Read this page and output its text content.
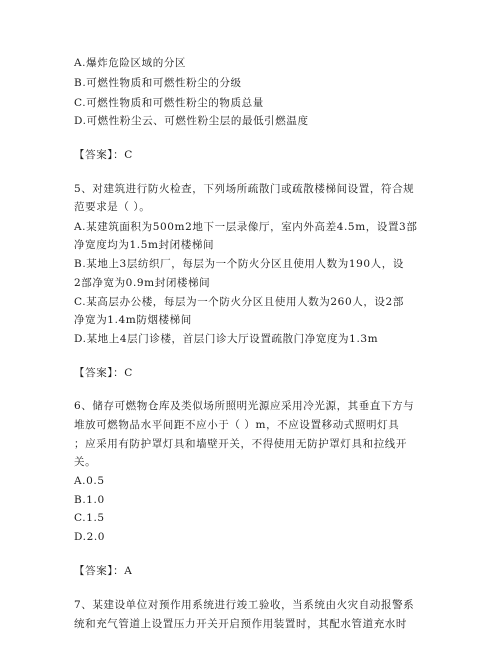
A.爆炸危险区域的分区
B.可燃性物质和可燃性粉尘的分级
C.可燃性物质和可燃性粉尘的物质总量
D.可燃性粉尘云、可燃性粉尘层的最低引燃温度
【答案】：C
5、对建筑进行防火检查，下列场所疏散门或疏散楼梯间设置，符合规
范要求是（ ）。
A.某建筑面积为500m2地下一层录像厅，室内外高差4.5m，设置3部
净宽度均为1.5m封闭楼梯间
B.某地上3层纺织厂，每层为一个防火分区且使用人数为190人，设
2部净宽为0.9m封闭楼梯间
C.某高层办公楼，每层为一个防火分区且使用人数为260人，设2部
净宽为1.4m防烟楼梯间
D.某地上4层门诊楼，首层门诊大厅设置疏散门净宽度为1.3m
【答案】：C
6、储存可燃物仓库及类似场所照明光源应采用冷光源，其垂直下方与
堆放可燃物品水平间距不应小于（ ）m，不应设置移动式照明灯具
；应采用有防护罩灯具和墙壁开关，不得使用无防护罩灯具和拉线开
关。
A.0.5
B.1.0
C.1.5
D.2.0
【答案】：A
7、某建设单位对预作用系统进行竣工验收，当系统由火灾自动报警系
统和充气管道上设置压力开关开启预作用装置时，其配水管道充水时
